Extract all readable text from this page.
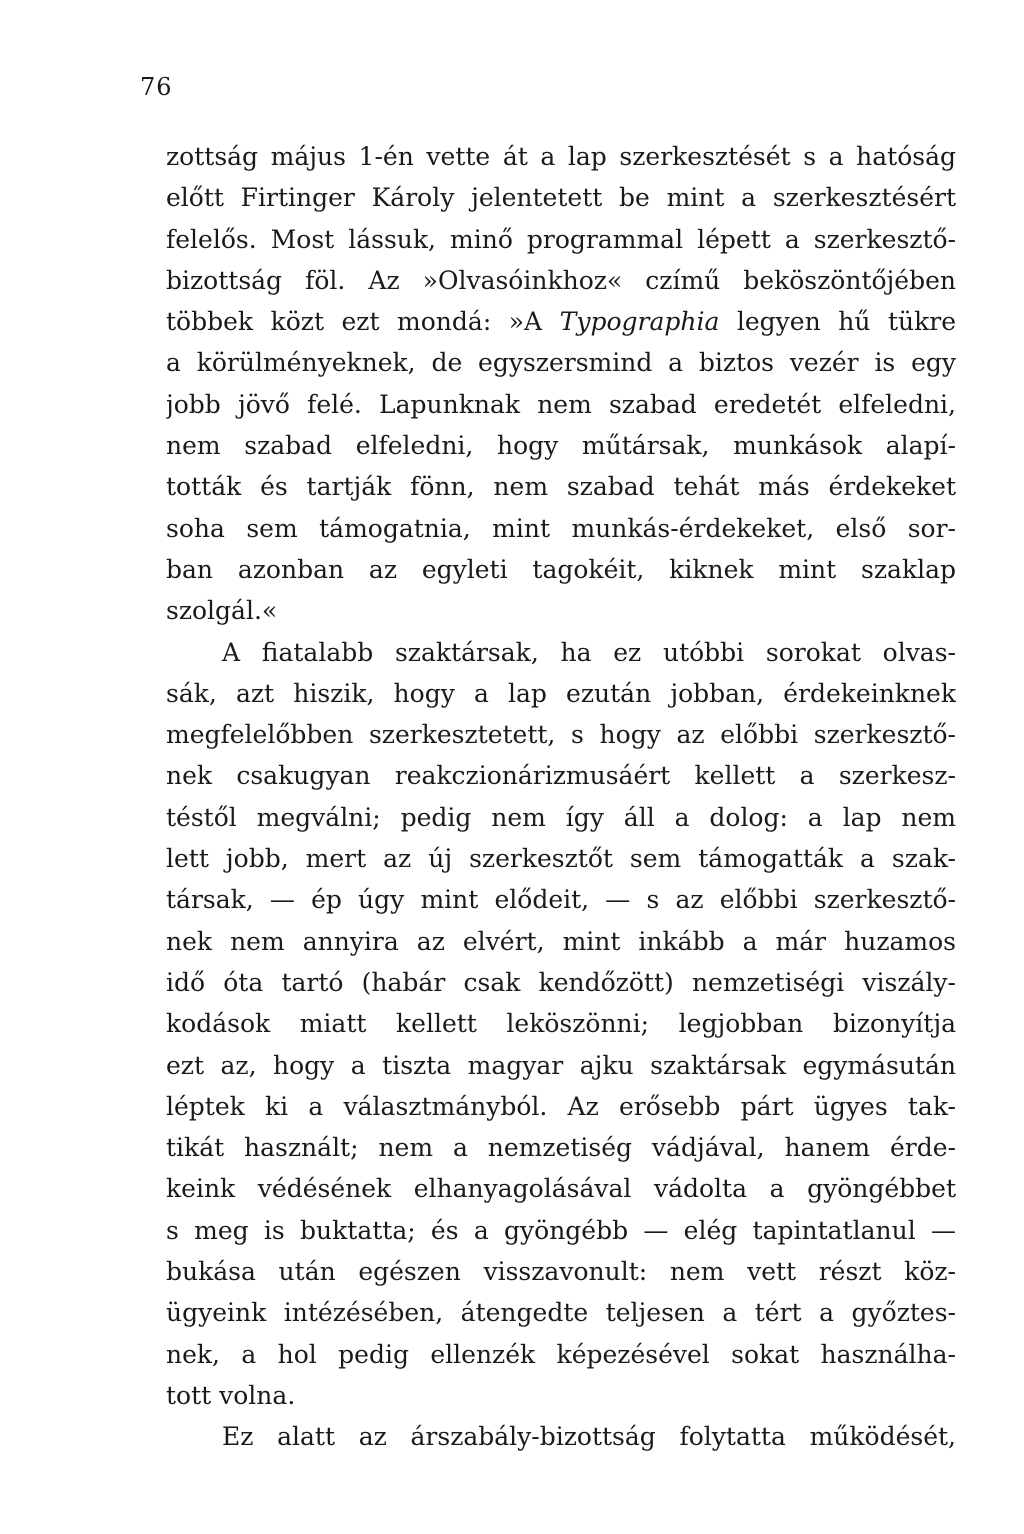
76
zottság május 1-én vette át a lap szerkesztését s a hatóság
előtt Firtinger Károly jelentetett be mint a szerkesztésért
felelős. Most lássuk, minő programmal lépett a szerkesztő-
bizottság föl. Az »Olvasóinkhoz« czímű beköszöntőjében
többek közt ezt mondá: »A Typographia legyen hű tükre
a körülményeknek, de egyszersmind a biztos vezér is egy
jobb jövő felé. Lapunknak nem szabad eredetét elfeledni,
nem szabad elfeledni, hogy műtársak, munkások alapí-
tották és tartják fönn, nem szabad tehát más érdekeket
soha sem támogatnia, mint munkás-érdekeket, első sor-
ban azonban az egyleti tagokéit, kiknek mint szaklap
szolgál.«
A fiatalabb szaktársak, ha ez utóbbi sorokat olvas-
sák, azt hiszik, hogy a lap ezután jobban, érdekeinknek
megfelelőbben szerkesztetett, s hogy az előbbi szerkesztő-
nek csakugyan reakczionárizmusáért kellett a szerkesz-
téstől megválni; pedig nem így áll a dolog: a lap nem
lett jobb, mert az új szerkesztőt sem támogatták a szak-
társak, — ép úgy mint elődeit, — s az előbbi szerkesztő-
nek nem annyira az elvért, mint inkább a már huzamos
idő óta tartó (habár csak kendőzött) nemzetiségi viszály-
kodások miatt kellett leköszönni; legjobban bizonyítja
ezt az, hogy a tiszta magyar ajku szaktársak egymásután
léptek ki a választmányból. Az erősebb párt ügyes tak-
tikát használt; nem a nemzetiség vádjával, hanem érde-
keink védésének elhanyagolásával vádolta a gyöngébbet
s meg is buktatta; és a gyöngébb — elég tapintatlanul —
bukása után egészen visszavonult: nem vett részt köz-
ügyeink intézésében, átengedte teljesen a tért a győztes-
nek, a hol pedig ellenzék képezésével sokat használha-
tott volna.
Ez alatt az árszabály-bizottság folytatta működését,
